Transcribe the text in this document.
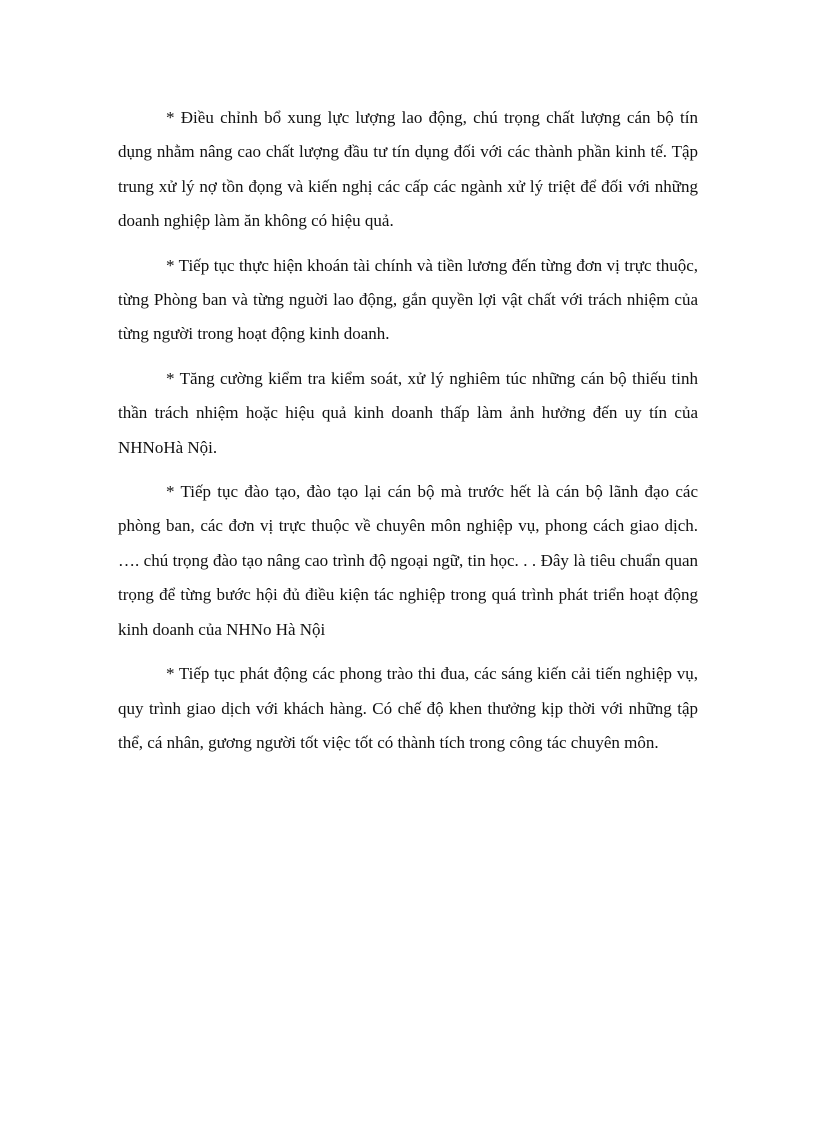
* Điều chỉnh bổ xung lực lượng lao động, chú trọng chất lượng cán bộ tín dụng nhằm nâng cao chất lượng đầu tư tín dụng đối với các thành phần kinh tế. Tập trung xử lý nợ tồn đọng và kiến nghị các cấp các ngành xử lý triệt để đối với những doanh nghiệp làm ăn không có hiệu quả.

* Tiếp tục thực hiện khoán tài chính và tiền lương đến từng đơn vị trực thuộc, từng Phòng ban và từng nguời lao động, gắn quyền lợi vật chất với trách nhiệm của từng người trong hoạt động kinh doanh.

* Tăng cường kiểm tra kiểm soát, xử lý nghiêm túc những cán bộ thiếu tinh thần trách nhiệm hoặc hiệu quả kinh doanh thấp làm ảnh hưởng đến uy tín của NHNoHà Nội.

* Tiếp tục đào tạo, đào tạo lại cán bộ mà trước hết là cán bộ lãnh đạo các phòng ban, các đơn vị trực thuộc về chuyên môn nghiệp vụ, phong cách giao dịch. …. chú trọng đào tạo nâng cao trình độ ngoại ngữ, tin học. . . Đây là tiêu chuẩn quan trọng để từng bước hội đủ điều kiện tác nghiệp trong quá trình phát triển hoạt động kinh doanh của NHNo Hà Nội

* Tiếp tục phát động các phong trào thi đua, các sáng kiến cải tiến nghiệp vụ, quy trình giao dịch với khách hàng. Có chế độ khen thưởng kịp thời với những tập thể, cá nhân, gương người tốt việc tốt có thành tích trong công tác chuyên môn.
